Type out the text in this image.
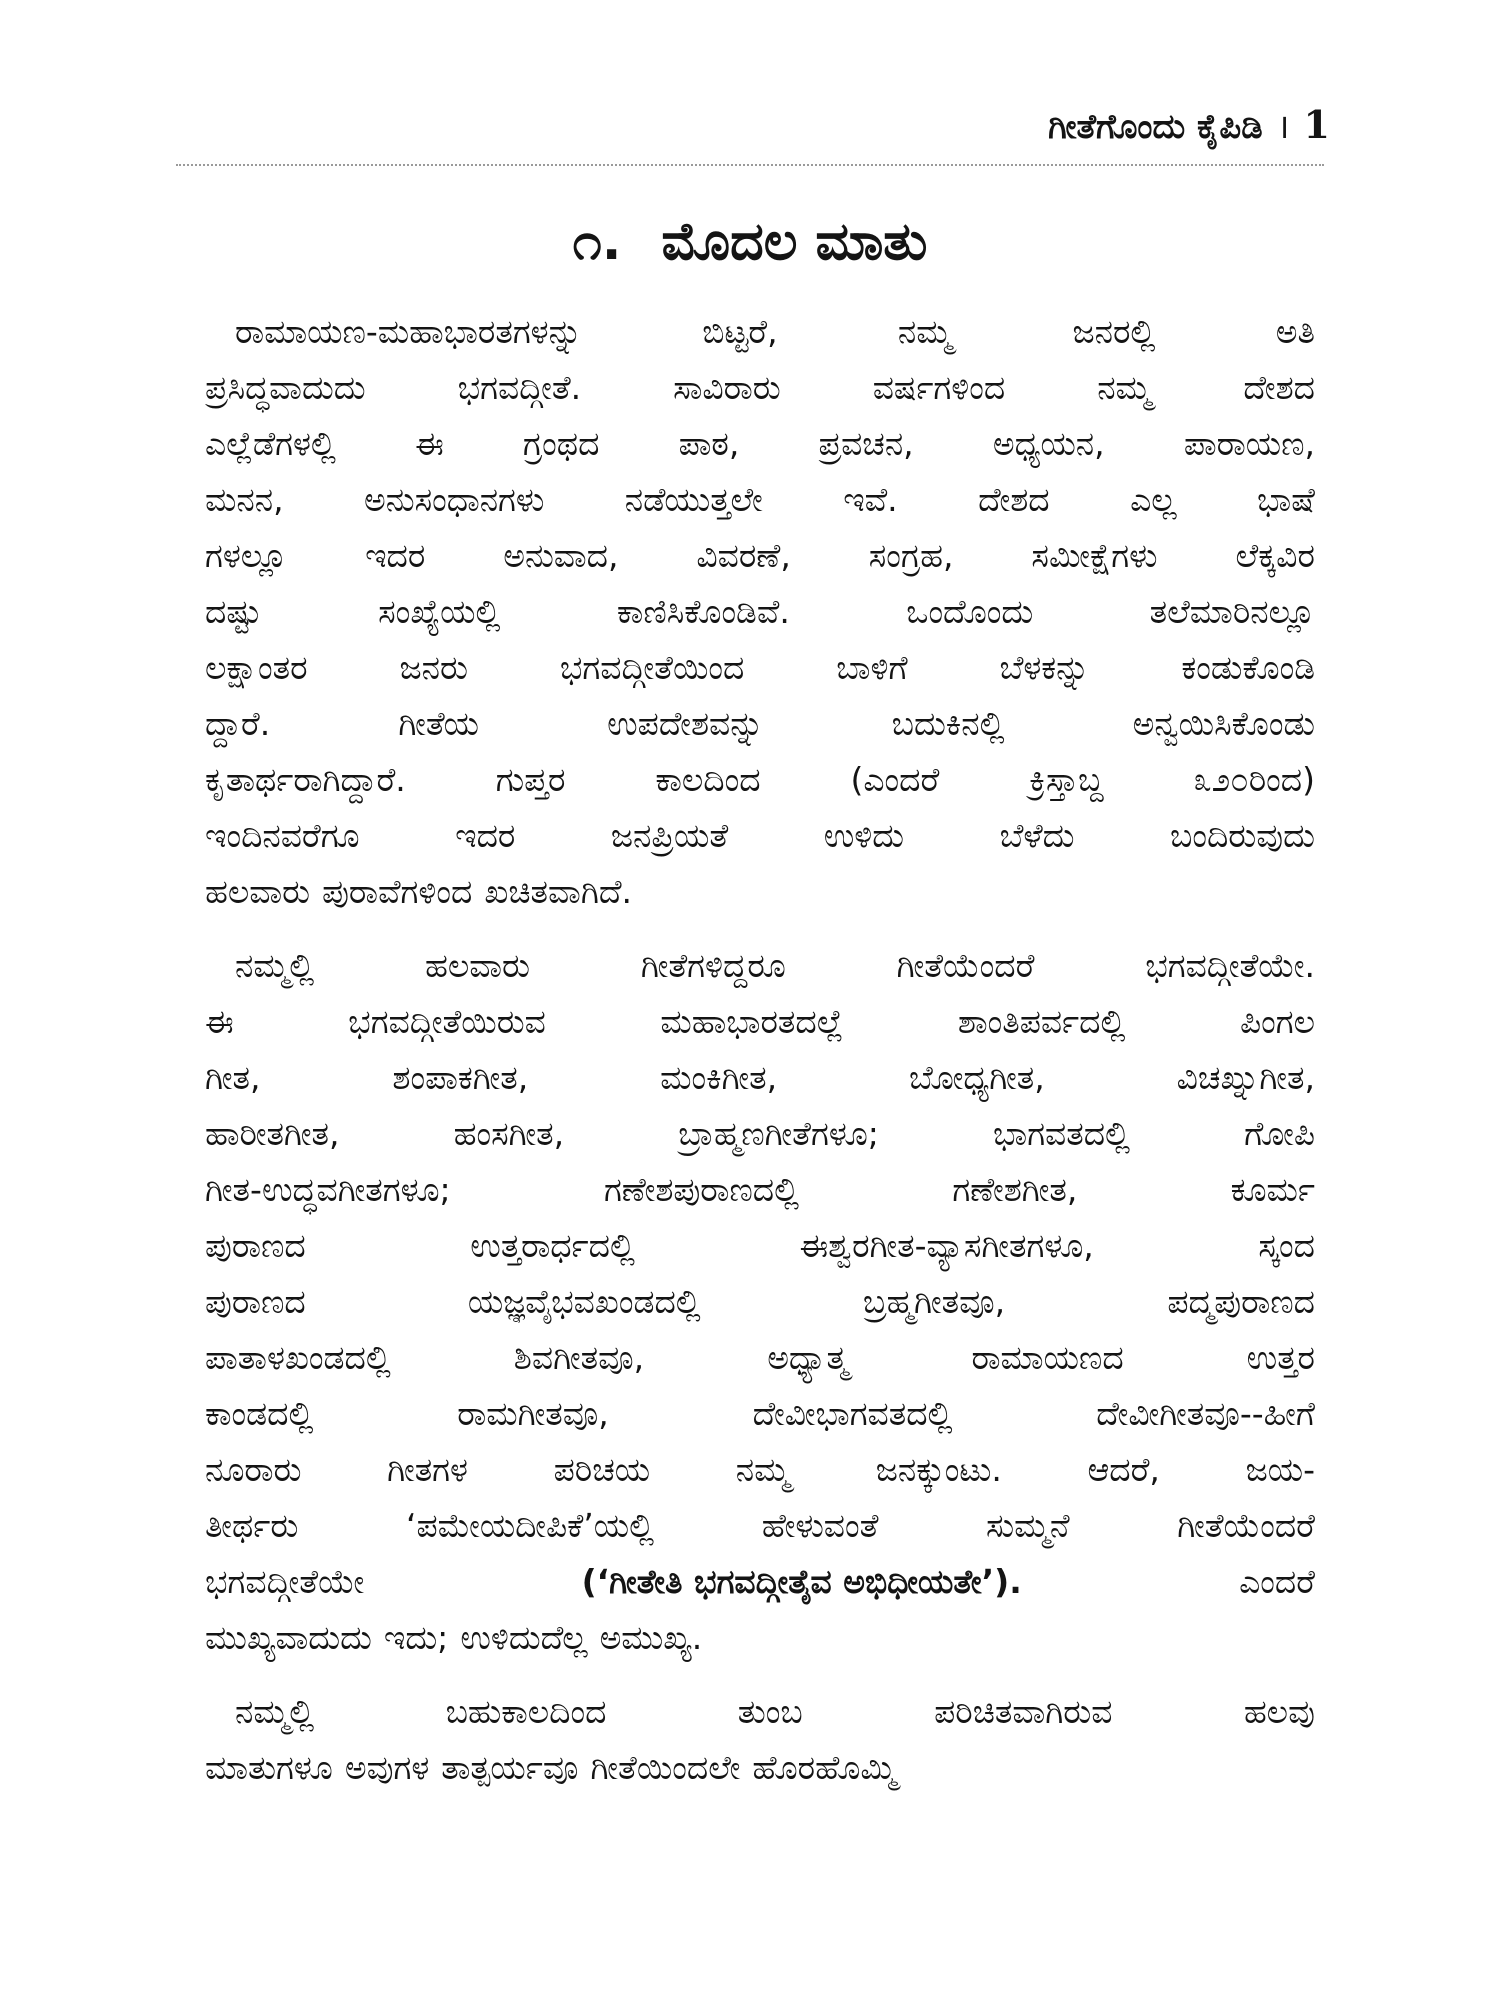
ಗೀತೆಗೊಂದು ಕೈಪಿಡಿ । 1
೧. ಮೊದಲ ಮಾತು
ರಾಮಾಯಣ-ಮಹಾಭಾರತಗಳನ್ನು	ಬಿಟ್ಟರೆ,	ನಮ್ಮ	ಜನರಲ್ಲಿ	ಅತಿ
ಪ್ರಸಿದ್ಧವಾದುದು	ಭಗವದ್ಗೀತೆ.	ಸಾವಿರಾರು	ವರ್ಷಗಳಿಂದ	ನಮ್ಮ	ದೇಶದ
ಎಲ್ಲೆಡೆಗಳಲ್ಲಿ ಈ ಗ್ರಂಥದ ಪಾಠ, ಪ್ರವಚನ, ಅಧ್ಯಯನ, ಪಾರಾಯಣ,
ಮನನ, ಅನುಸಂಧಾನಗಳು ನಡೆಯುತ್ತಲೇ ಇವೆ. ದೇಶದ ಎಲ್ಲ ಭಾಷೆ
ಗಳಲ್ಲೂ ಇದರ ಅನುವಾದ, ವಿವರಣೆ, ಸಂಗ್ರಹ, ಸಮೀಕ್ಷೆಗಳು ಲೆಕ್ಕವಿರ
ದಷ್ಟು	ಸಂಖ್ಯೆಯಲ್ಲಿ	ಕಾಣಿಸಿಕೊಂಡಿವೆ.	ಒಂದೊಂದು	ತಲೆಮಾರಿನಲ್ಲೂ
ಲಕ್ಷಾಂತರ	ಜನರು	ಭಗವದ್ಗೀತೆಯಿಂದ	ಬಾಳಿಗೆ	ಬೆಳಕನ್ನು	ಕಂಡುಕೊಂಡಿ
ದ್ದಾರೆ.	ಗೀತೆಯ	ಉಪದೇಶವನ್ನು	ಬದುಕಿನಲ್ಲಿ	ಅನ್ವಯಿಸಿಕೊಂಡು
ಕೃತಾರ್ಥರಾಗಿದ್ದಾರೆ.	ಗುಪ್ತರ	ಕಾಲದಿಂದ	(ಎಂದರೆ	ಕ್ರಿಸ್ತಾಬ್ದ	೩೨೦ರಿಂದ)
ಇಂದಿನವರೆಗೂ	ಇದರ	ಜನಪ್ರಿಯತೆ	ಉಳಿದು	ಬೆಳೆದು	ಬಂದಿರುವುದು
ಹಲವಾರು ಪುರಾವೆಗಳಿಂದ ಖಚಿತವಾಗಿದೆ.
ನಮ್ಮಲ್ಲಿ	ಹಲವಾರು	ಗೀತೆಗಳಿದ್ದರೂ	ಗೀತೆಯೆಂದರೆ	ಭಗವದ್ಗೀತೆಯೇ.
ಈ	ಭಗವದ್ಗೀತೆಯಿರುವ	ಮಹಾಭಾರತದಲ್ಲೆ	ಶಾಂತಿಪರ್ವದಲ್ಲಿ	ಪಿಂಗಲ
ಗೀತ,	ಶಂಪಾಕಗೀತ,	ಮಂಕಿಗೀತ,	ಬೋಧ್ಯಗೀತ,	ವಿಚಖ್ನುಗೀತ,
ಹಾರೀತಗೀತ,	ಹಂಸಗೀತ,	ಬ್ರಾಹ್ಮಣಗೀತೆಗಳೂ;	ಭಾಗವತದಲ್ಲಿ	ಗೋಪಿ
ಗೀತ-ಉದ್ಧವಗೀತಗಳೂ;	ಗಣೇಶಪುರಾಣದಲ್ಲಿ	ಗಣೇಶಗೀತ,	ಕೂರ್ಮ
ಪುರಾಣದ	ಉತ್ತರಾರ್ಧದಲ್ಲಿ	ಈಶ್ವರಗೀತ-ವ್ಯಾಸಗೀತಗಳೂ,	ಸ್ಕಂದ
ಪುರಾಣದ	ಯಜ್ಞವೈಭವಖಂಡದಲ್ಲಿ	ಬ್ರಹ್ಮಗೀತವೂ,	ಪದ್ಮಪುರಾಣದ
ಪಾತಾಳಖಂಡದಲ್ಲಿ	ಶಿವಗೀತವೂ,	ಅಧ್ಯಾತ್ಮ	ರಾಮಾಯಣದ	ಉತ್ತರ
ಕಾಂಡದಲ್ಲಿ	ರಾಮಗೀತವೂ,	ದೇವೀಭಾಗವತದಲ್ಲಿ	ದೇವೀಗೀತವೂ--ಹೀಗೆ
ನೂರಾರು	ಗೀತಗಳ	ಪರಿಚಯ	ನಮ್ಮ	ಜನಕ್ಕುಂಟು.	ಆದರೆ,	ಜಯ-
ತೀರ್ಥರು	‘ಪಮೇಯದೀಪಿಕೆ’ಯಲ್ಲಿ	ಹೇಳುವಂತೆ	ಸುಮ್ಮನೆ	ಗೀತೆಯೆಂದರೆ
ಭಗವದ್ಗೀತೆಯೇ	(‘ಗೀತೇತಿ ಭಗವದ್ಗೀತೈವ ಅಭಿಧೀಯತೇ’).	ಎಂದರೆ
ಮುಖ್ಯವಾದುದು ಇದು; ಉಳಿದುದೆಲ್ಲ ಅಮುಖ್ಯ.
ನಮ್ಮಲ್ಲಿ	ಬಹುಕಾಲದಿಂದ	ತುಂಬ	ಪರಿಚಿತವಾಗಿರುವ	ಹಲವು
ಮಾತುಗಳೂ ಅವುಗಳ ತಾತ್ಪರ್ಯವೂ ಗೀತೆಯಿಂದಲೇ ಹೊರಹೊಮ್ಮಿ
